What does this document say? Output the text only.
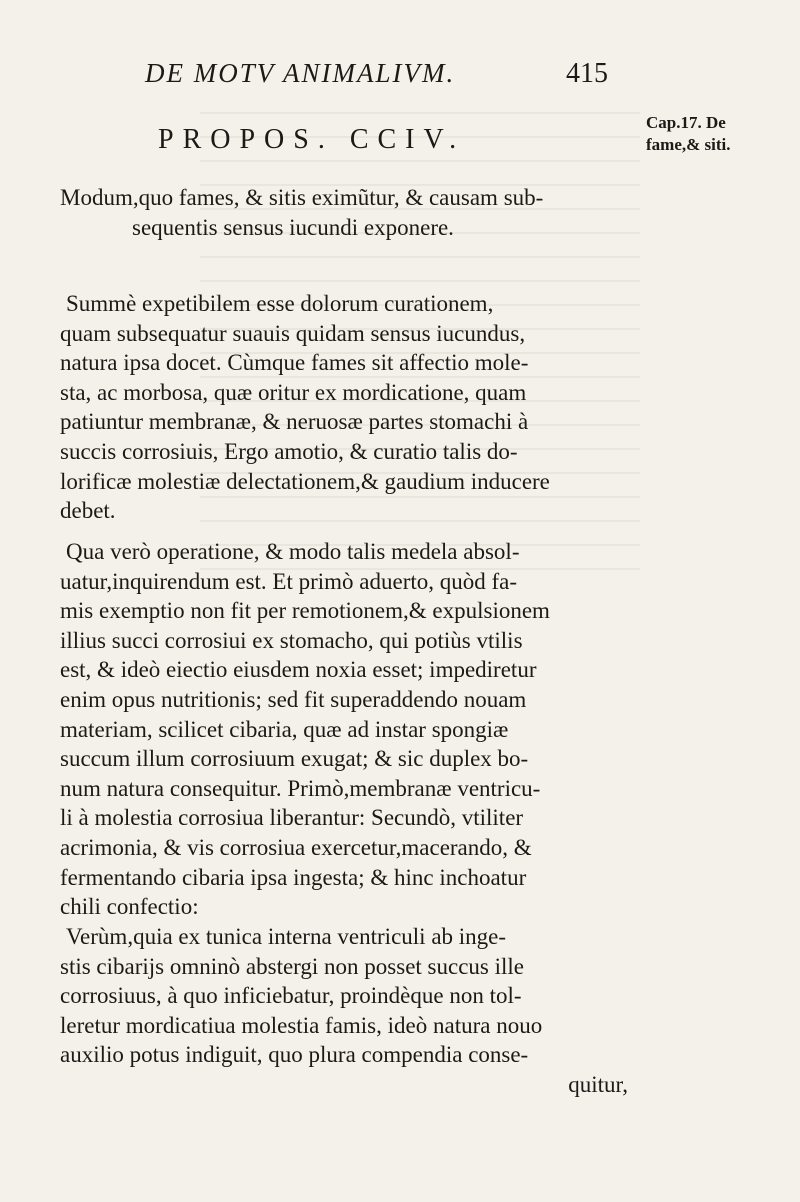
DE MOTV ANIMALIVM.	415
Cap.17. De
fame,& siti.
PROPOS. CCIV.
Modum,quo fames, & sitis eximũtur, & causam sub-
sequentis sensus iucundi exponere.
Summè expetibilem esse dolorum curationem,
quam subsequatur suauis quidam sensus iucundus,
natura ipsa docet. Cùmque fames sit affectio mole-
sta, ac morbosa, quæ oritur ex mordicatione, quam
patiuntur membranæ, & neruosæ partes stomachi à
succis corrosiuis, Ergo amotio, & curatio talis do-
lorificæ molestiæ delectationem,& gaudium inducere
debet.
Qua verò operatione, & modo talis medela absol-
uatur,inquirendum est. Et primò aduerto, quòd fa-
mis exemptio non fit per remotionem,& expulsionem
illius succi corrosiui ex stomacho, qui potiùs vtilis
est, & ideò eiectio eiusdem noxia esset; impediretur
enim opus nutritionis; sed fit superaddendo nouam
materiam, scilicet cibaria, quæ ad instar spongiæ
succum illum corrosiuum exugat; & sic duplex bo-
num natura consequitur. Primò,membranæ ventricu-
li à molestia corrosiua liberantur: Secundò, vtiliter
acrimonia, & vis corrosiua exercetur,macerando, &
fermentando cibaria ipsa ingesta; & hinc inchoatur
chili confectio:
Verùm,quia ex tunica interna ventriculi ab inge-
stis cibarijs omninò abstergi non posset succus ille
corrosiuus, à quo inficiebatur, proindèque non tol-
leretur mordicatiua molestia famis, ideò natura nouo
auxilio potus indiguit, quo plura compendia conse-
quitur,
